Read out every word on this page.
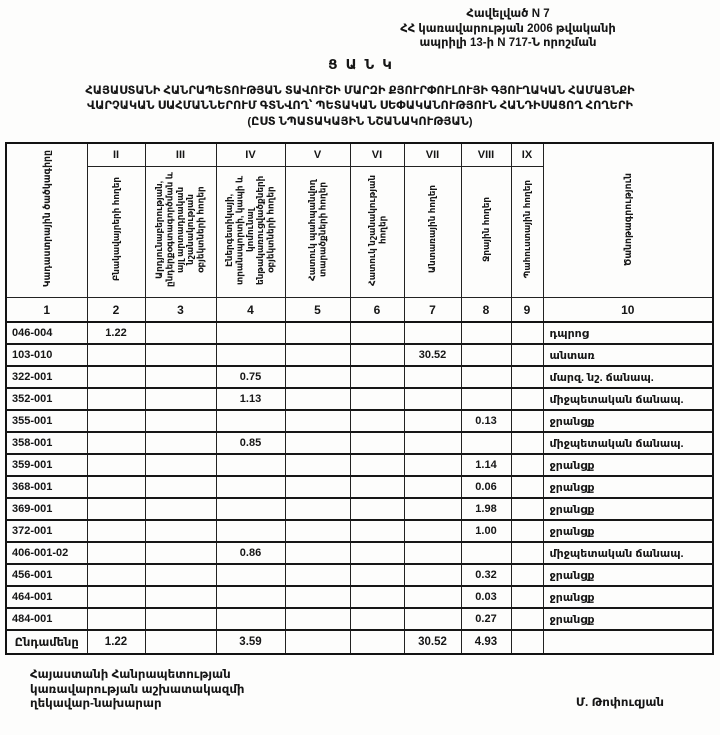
Հավելված N 7
ՀՀ կառավարության 2006 թվականի
ապրիլի 13-ի N 717-Ն որոշման
ՑԱՆԿ
ՀԱՅԱՍՏԱՆԻ ՀԱՆՐԱՊԵՏՈՒԹՅԱՆ ՏԱՎՈՒՇԻ ՄԱՐԶԻ ՔՅՈՒՐՓՈՒԼՈՒՅԻ ԳՅՈՒՂԱԿԱՆ ՀԱՄԱՅՆՔԻ
ՎԱՐՉԱԿԱՆ ՍԱՀՄԱՆՆԵՐՈՒՄ ԳՏՆՎՈՂ՝ ՊԵՏԱԿԱՆ ՍԵՓԱԿԱՆՈՒԹՅՈՒՆ ՀԱՆԴԻՍԱՑՈՂ ՀՈՂԵՐԻ
(ԸՍՏ ՆՊԱՏԱԿԱՅԻՆ ՆՇԱՆԱԿՈՒԹՅԱՆ)
Կադաստրային ծածկագիրը	II	III	IV	V	VI	VII	VIII	IX	Ծանոթագրություն
	Բնակավայրերի հողեր	Արդյունաբերության, ընդերքօգտագործման և այլ արտադրական նշանակության օբյեկտների հողեր	Էներգետիկայի, տրանսպորտի, կապի և կոմունալ ենթակառուցվածքների օբյեկտների հողեր	Հատուկ պահպանվող տարածքների հողեր	Հատուկ նշանակության հողեր	Անտառային հողեր	Ջրային հողեր	Պահուստային հողեր	
1	2	3	4	5	6	7	8	9	10
046-004	1.22								դպրոց
103-010						30.52			անտառ
322-001			0.75						մարզ. նշ. ճանապ.
352-001			1.13						միջպետական ճանապ.
355-001							0.13		ջրանցք
358-001			0.85						միջպետական ճանապ.
359-001							1.14		ջրանցք
368-001							0.06		ջրանցք
369-001							1.98		ջրանցք
372-001							1.00		ջրանցք
406-001-02			0.86						միջպետական ճանապ.
456-001							0.32		ջրանցք
464-001							0.03		ջրանցք
484-001							0.27		ջրանցք
Ընդամենը	1.22		3.59			30.52	4.93		
Հայաստանի Հանրապետության
կառավարության աշխատակազմի
ղեկավար-նախարար	Մ. Թոփուզյան
